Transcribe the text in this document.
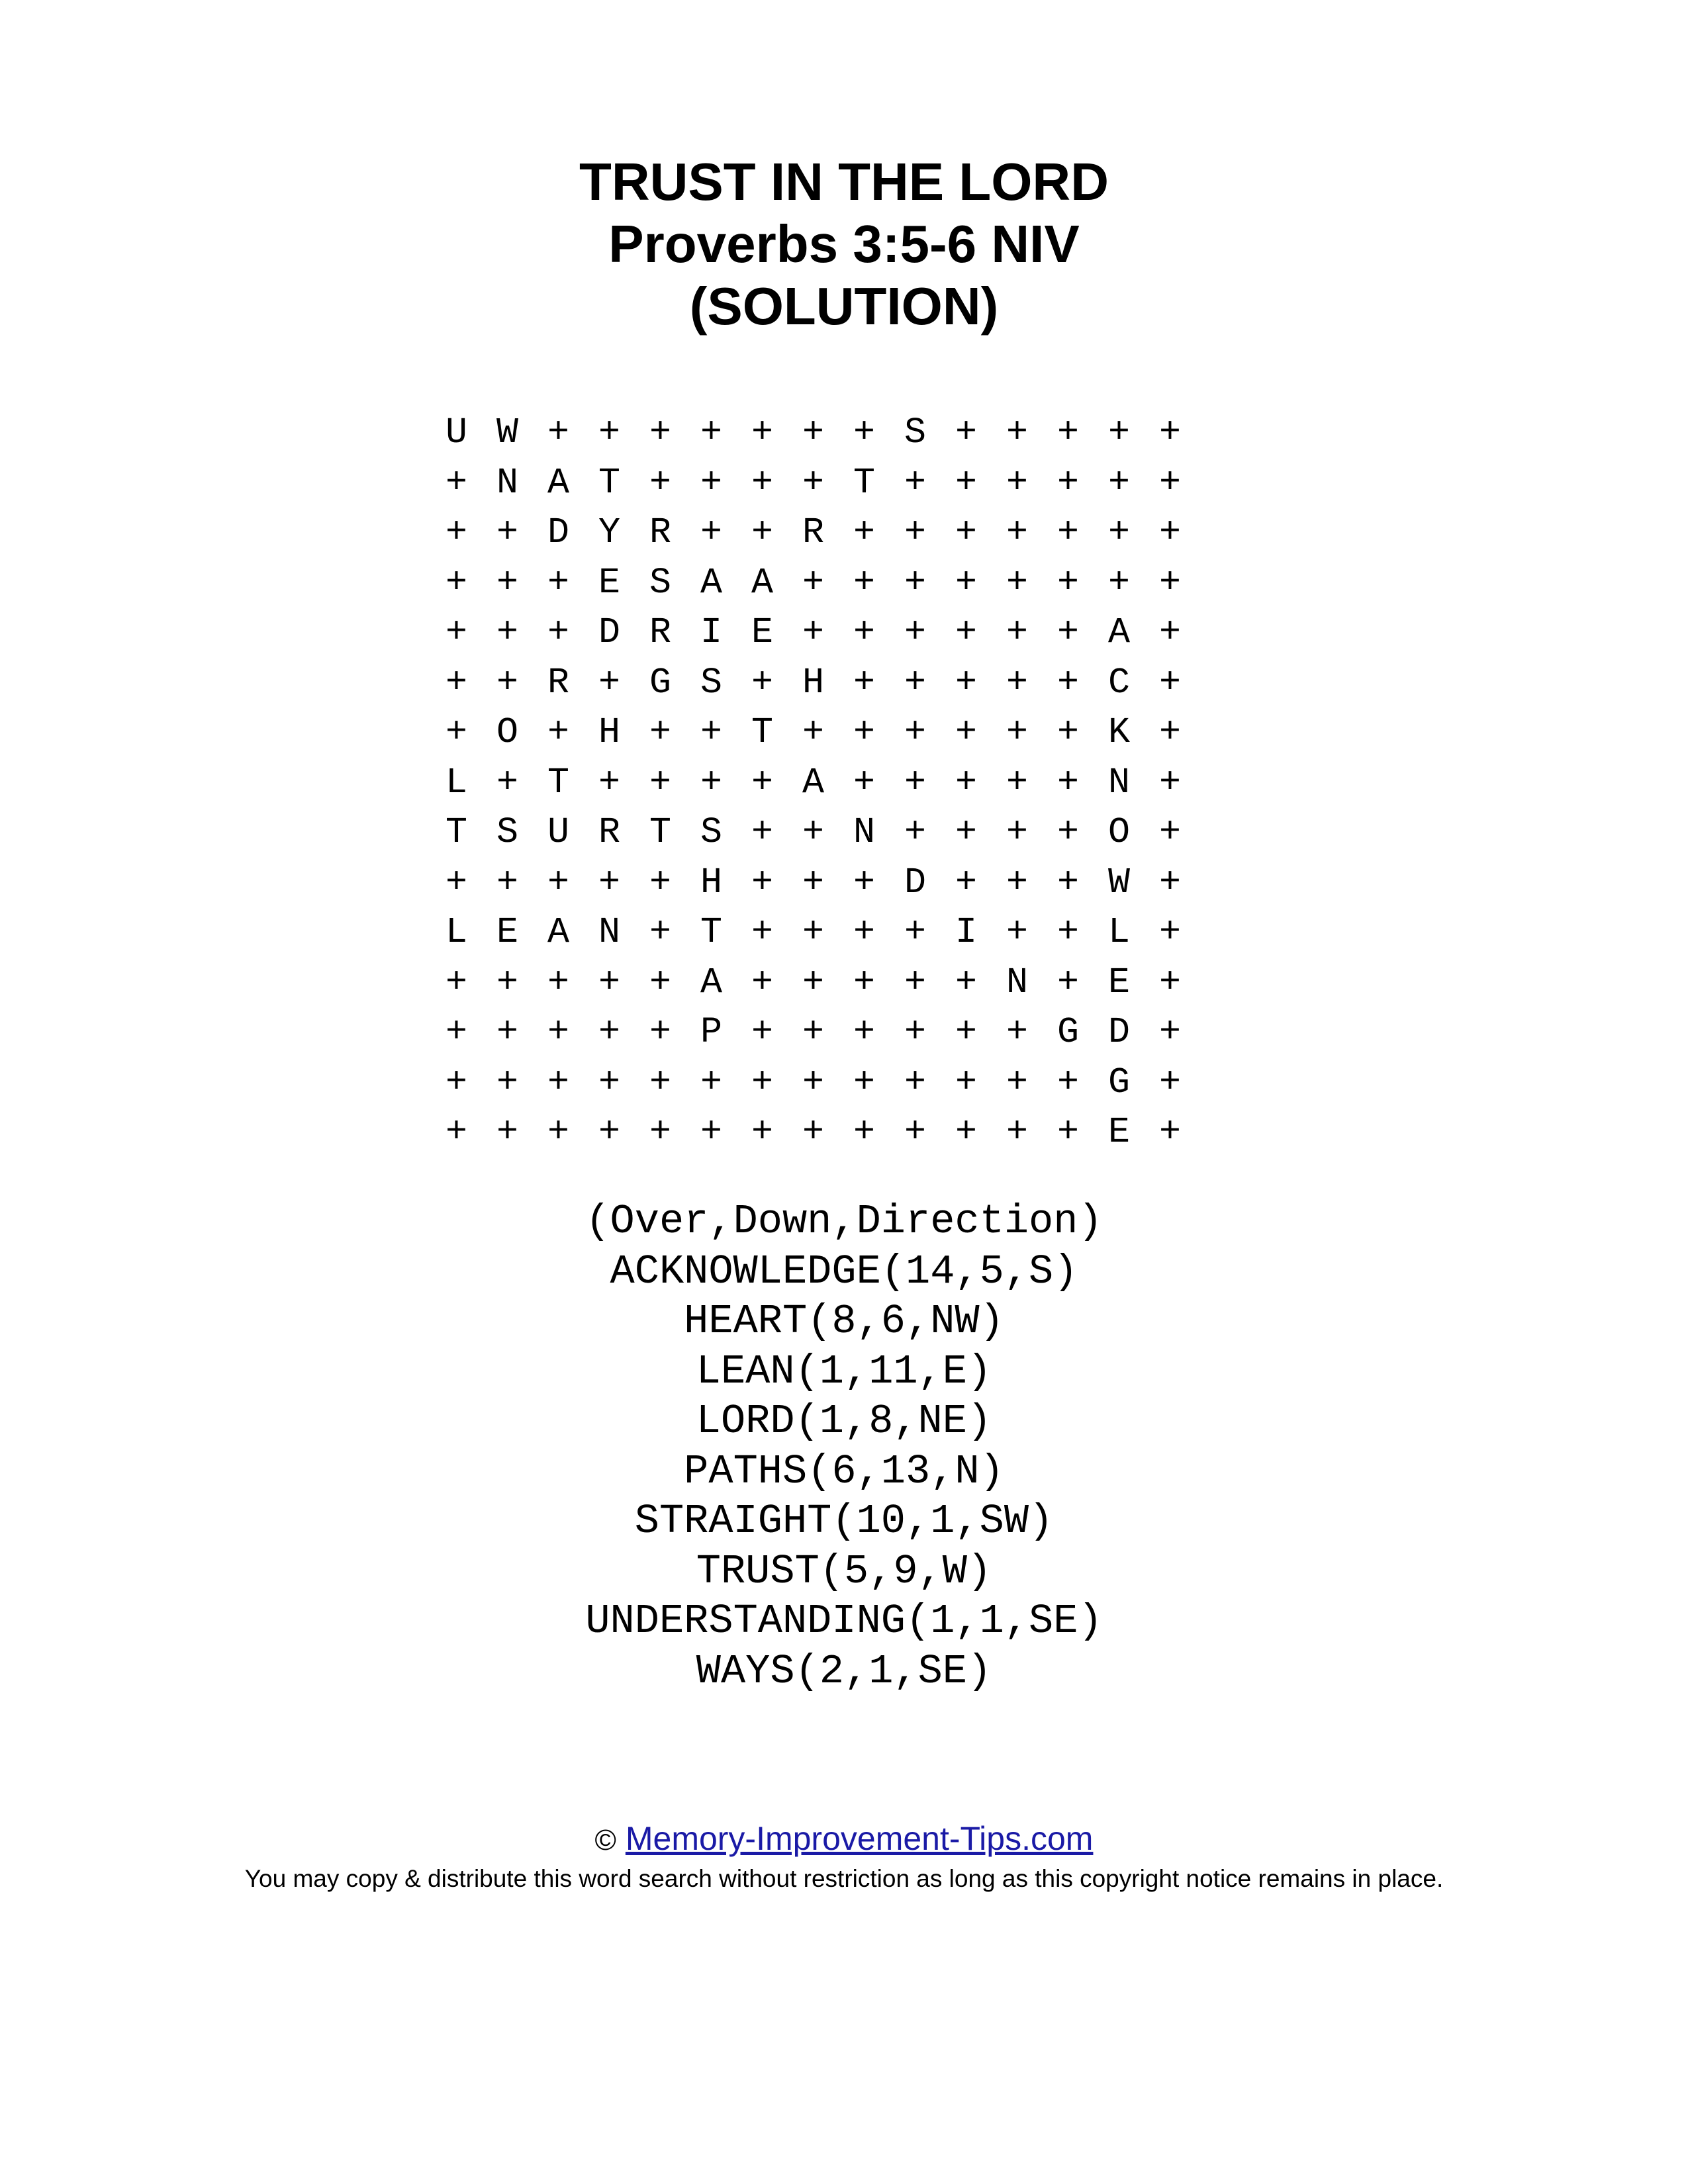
TRUST IN THE LORD
Proverbs 3:5-6 NIV
(SOLUTION)
U W + + + + + + + S + + + + +
+ N A T + + + + T + + + + + +
+ + D Y R + + R + + + + + + +
+ + + E S A A + + + + + + + +
+ + + D R I E + + + + + + A +
+ + R + G S + H + + + + + C +
+ O + H + + T + + + + + + K +
L + T + + + + A + + + + + N +
T S U R T S + + N + + + + O +
+ + + + + H + + + D + + + W +
L E A N + T + + + + I + + L +
+ + + + + A + + + + + N + E +
+ + + + + P + + + + + + G D +
+ + + + + + + + + + + + + G +
+ + + + + + + + + + + + + E +
(Over,Down,Direction)
ACKNOWLEDGE(14,5,S)
HEART(8,6,NW)
LEAN(1,11,E)
LORD(1,8,NE)
PATHS(6,13,N)
STRAIGHT(10,1,SW)
TRUST(5,9,W)
UNDERSTANDING(1,1,SE)
WAYS(2,1,SE)
© Memory-Improvement-Tips.com
You may copy & distribute this word search without restriction as long as this copyright notice remains in place.
